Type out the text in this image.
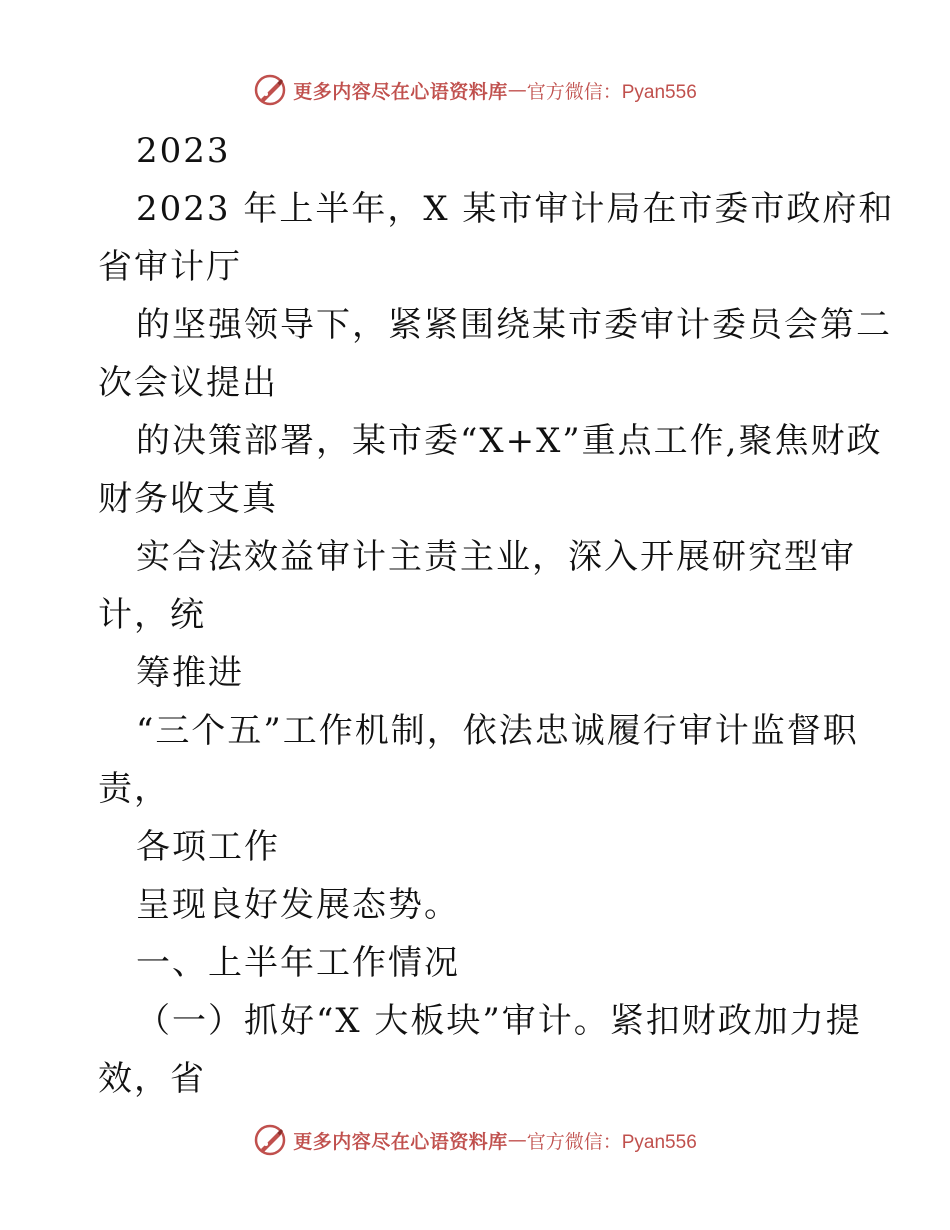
更多内容尽在心语资料库 — 官方微信：Pyan556
2023
2023 年上半年，X 某市审计局在市委市政府和
省审计厅
的坚强领导下，紧紧围绕某市委审计委员会第二
次会议提出
的决策部署，某市委“X+X”重点工作,聚焦财政
财务收支真
实合法效益审计主责主业，深入开展研究型审
计，统
筹推进
“三个五”工作机制，依法忠诚履行审计监督职
责，
各项工作
呈现良好发展态势。
一、上半年工作情况
（一）抓好“X 大板块”审计。紧扣财政加力提
效，省
更多内容尽在心语资料库 — 官方微信：Pyan556
